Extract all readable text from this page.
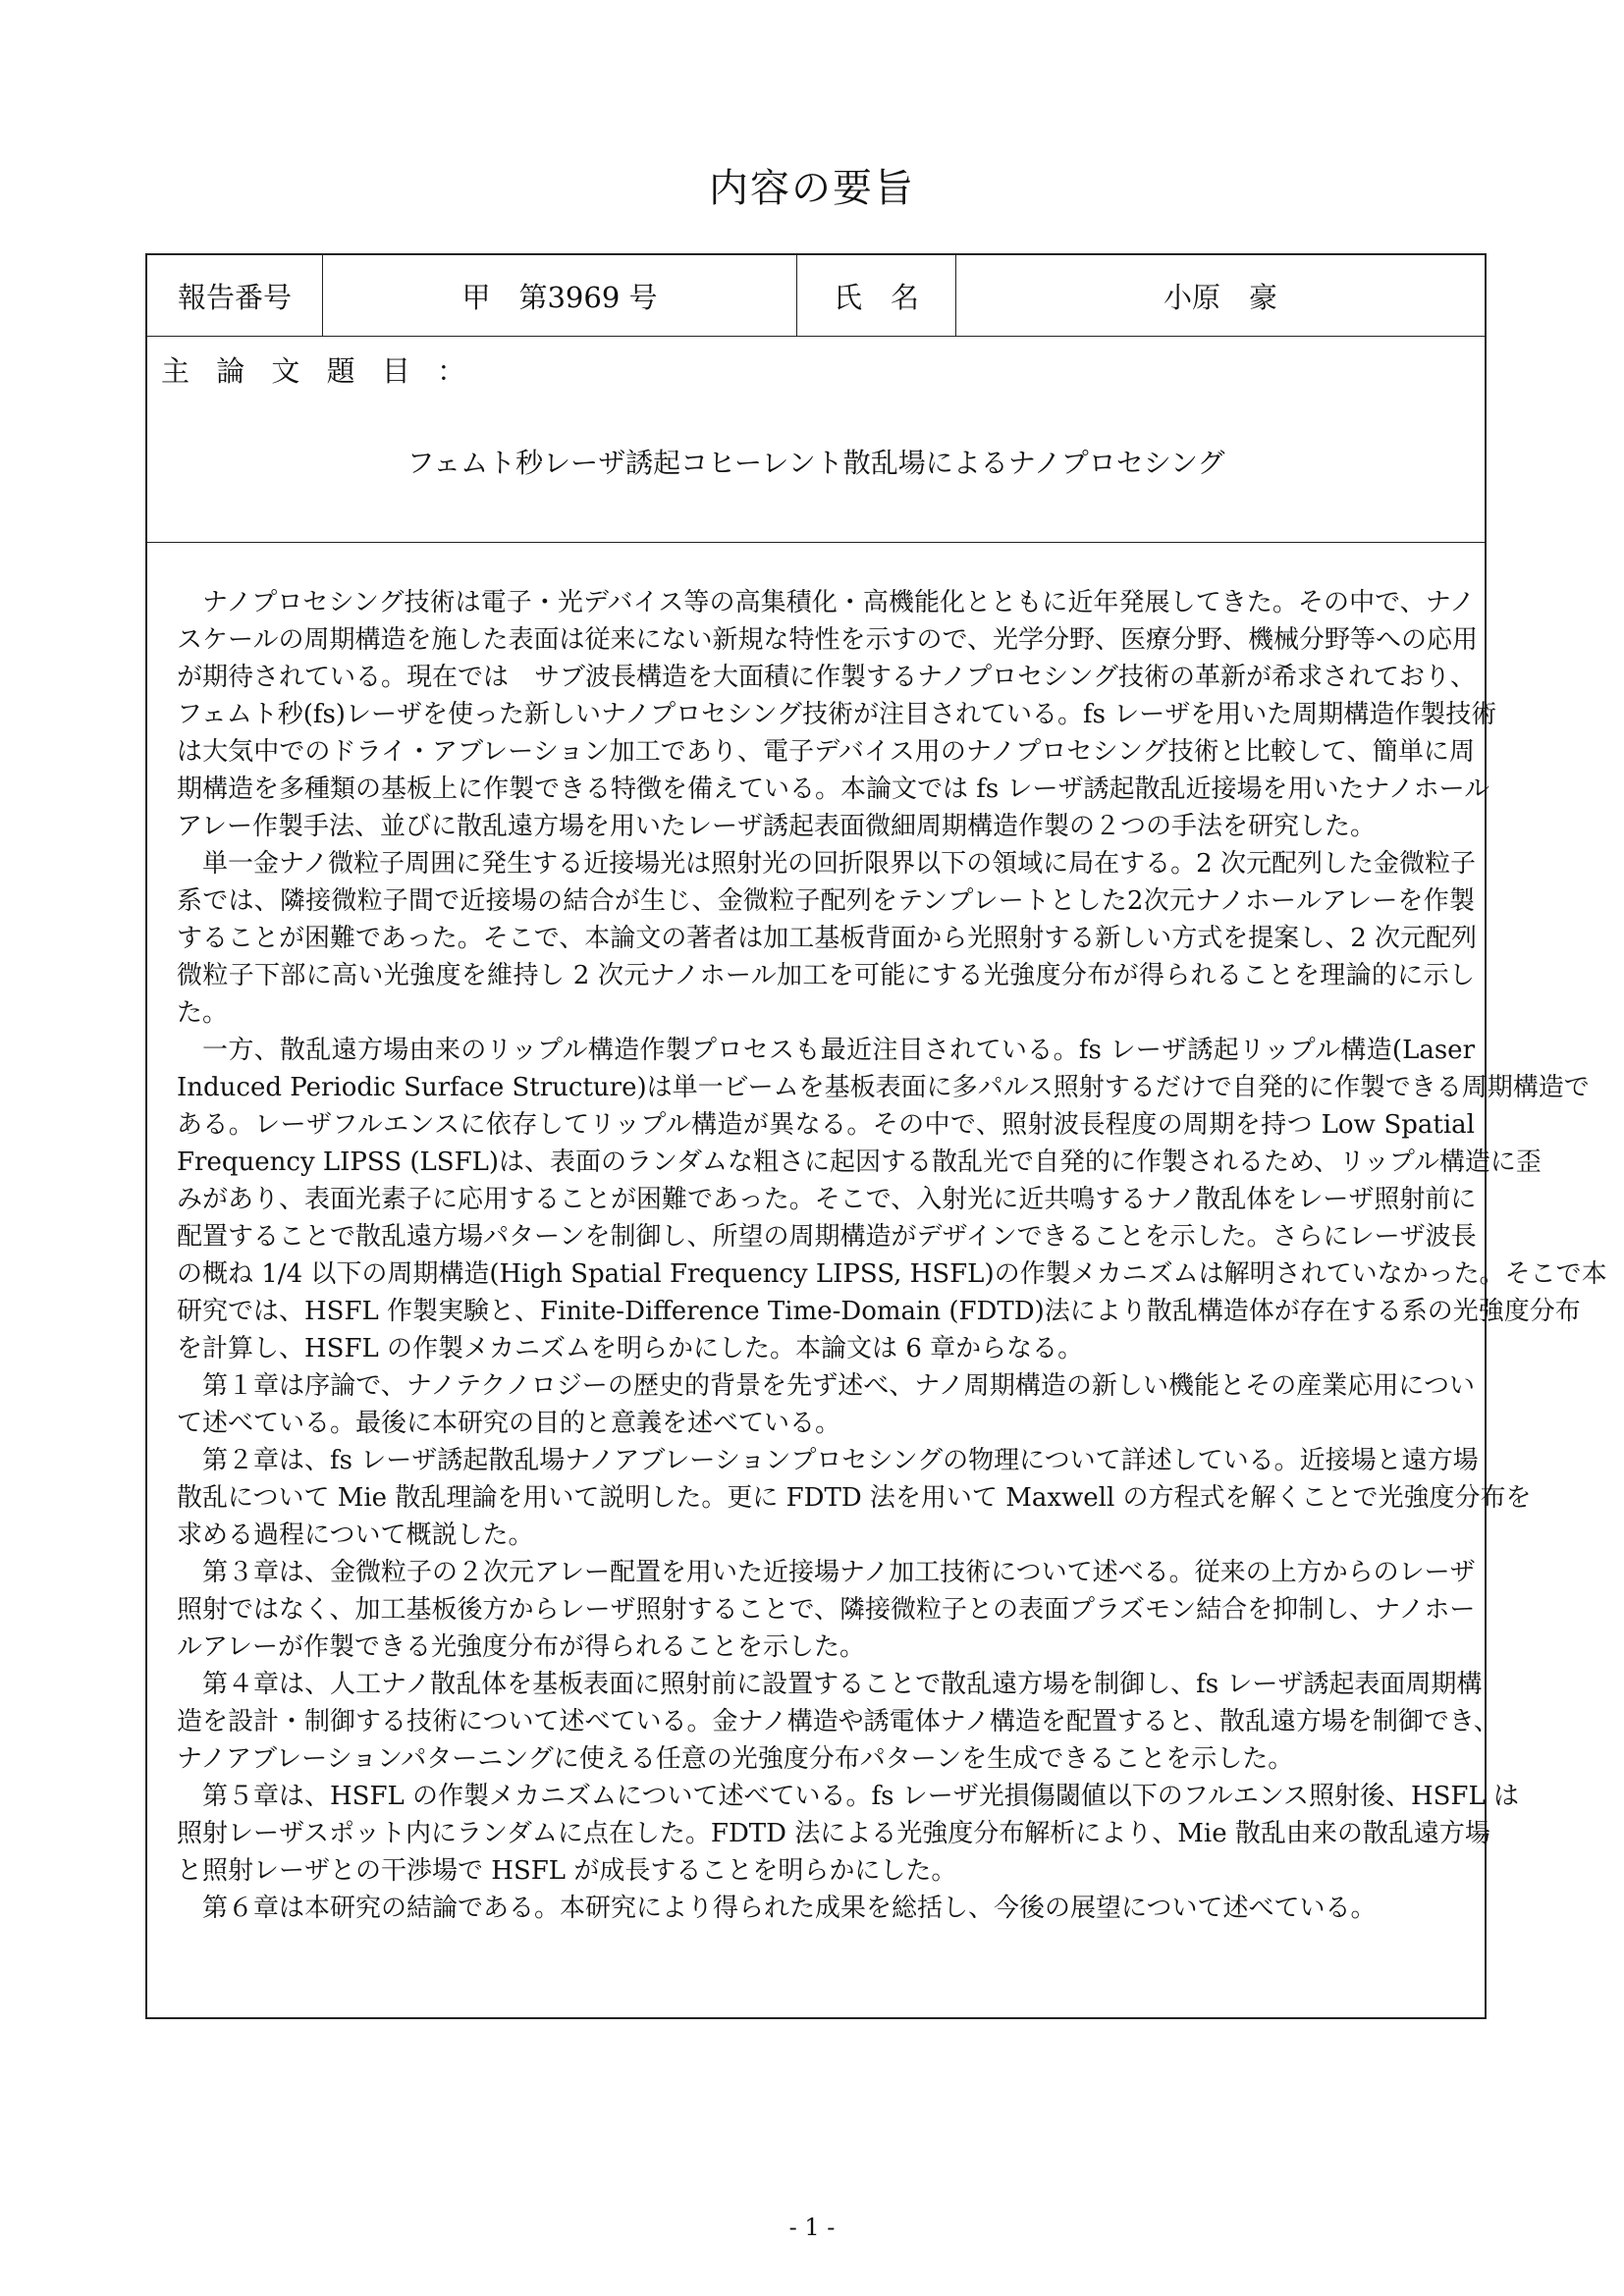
内容の要旨
報告番号	甲　第3969 号	氏　名	小原　豪
主 論 文 題 目 ：
フェムト秒レーザ誘起コヒーレント散乱場によるナノプロセシング
ナノプロセシング技術は電子・光デバイス等の高集積化・高機能化とともに近年発展してきた。その中で、ナノ
スケールの周期構造を施した表面は従来にない新規な特性を示すので、光学分野、医療分野、機械分野等への応用
が期待されている。現在では　サブ波長構造を大面積に作製するナノプロセシング技術の革新が希求されており、
フェムト秒(fs)レーザを使った新しいナノプロセシング技術が注目されている。fs レーザを用いた周期構造作製技術
は大気中でのドライ・アブレーション加工であり、電子デバイス用のナノプロセシング技術と比較して、簡単に周
期構造を多種類の基板上に作製できる特徴を備えている。本論文では fs レーザ誘起散乱近接場を用いたナノホール
アレー作製手法、並びに散乱遠方場を用いたレーザ誘起表面微細周期構造作製の２つの手法を研究した。
単一金ナノ微粒子周囲に発生する近接場光は照射光の回折限界以下の領域に局在する。2 次元配列した金微粒子
系では、隣接微粒子間で近接場の結合が生じ、金微粒子配列をテンプレートとした2次元ナノホールアレーを作製
することが困難であった。そこで、本論文の著者は加工基板背面から光照射する新しい方式を提案し、2 次元配列
微粒子下部に高い光強度を維持し 2 次元ナノホール加工を可能にする光強度分布が得られることを理論的に示し
た。
一方、散乱遠方場由来のリップル構造作製プロセスも最近注目されている。fs レーザ誘起リップル構造(Laser
Induced Periodic Surface Structure)は単一ビームを基板表面に多パルス照射するだけで自発的に作製できる周期構造で
ある。レーザフルエンスに依存してリップル構造が異なる。その中で、照射波長程度の周期を持つ Low Spatial
Frequency LIPSS (LSFL)は、表面のランダムな粗さに起因する散乱光で自発的に作製されるため、リップル構造に歪
みがあり、表面光素子に応用することが困難であった。そこで、入射光に近共鳴するナノ散乱体をレーザ照射前に
配置することで散乱遠方場パターンを制御し、所望の周期構造がデザインできることを示した。さらにレーザ波長
の概ね 1/4 以下の周期構造(High Spatial Frequency LIPSS, HSFL)の作製メカニズムは解明されていなかった。そこで本
研究では、HSFL 作製実験と、Finite-Difference Time-Domain (FDTD)法により散乱構造体が存在する系の光強度分布
を計算し、HSFL の作製メカニズムを明らかにした。本論文は 6 章からなる。
第１章は序論で、ナノテクノロジーの歴史的背景を先ず述べ、ナノ周期構造の新しい機能とその産業応用につい
て述べている。最後に本研究の目的と意義を述べている。
第２章は、fs レーザ誘起散乱場ナノアブレーションプロセシングの物理について詳述している。近接場と遠方場
散乱について Mie 散乱理論を用いて説明した。更に FDTD 法を用いて Maxwell の方程式を解くことで光強度分布を
求める過程について概説した。
第３章は、金微粒子の２次元アレー配置を用いた近接場ナノ加工技術について述べる。従来の上方からのレーザ
照射ではなく、加工基板後方からレーザ照射することで、隣接微粒子との表面プラズモン結合を抑制し、ナノホー
ルアレーが作製できる光強度分布が得られることを示した。
第４章は、人工ナノ散乱体を基板表面に照射前に設置することで散乱遠方場を制御し、fs レーザ誘起表面周期構
造を設計・制御する技術について述べている。金ナノ構造や誘電体ナノ構造を配置すると、散乱遠方場を制御でき、
ナノアブレーションパターニングに使える任意の光強度分布パターンを生成できることを示した。
第５章は、HSFL の作製メカニズムについて述べている。fs レーザ光損傷閾値以下のフルエンス照射後、HSFL は
照射レーザスポット内にランダムに点在した。FDTD 法による光強度分布解析により、Mie 散乱由来の散乱遠方場
と照射レーザとの干渉場で HSFL が成長することを明らかにした。
第６章は本研究の結論である。本研究により得られた成果を総括し、今後の展望について述べている。
- 1 -
